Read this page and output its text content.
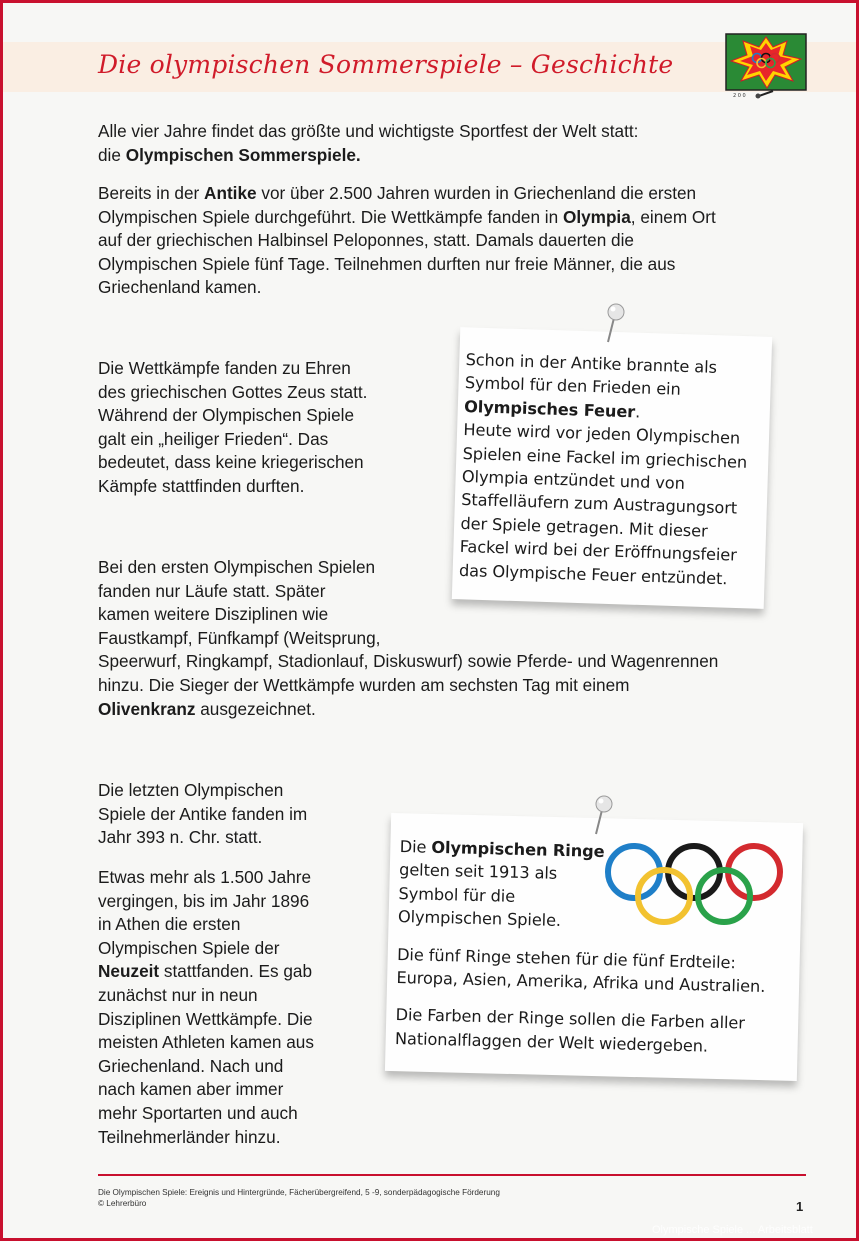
Die olympischen Sommerspiele – Geschichte
2 0 0
Alle vier Jahre findet das größte und wichtigste Sportfest der Welt statt:
die Olympischen Sommerspiele.
Bereits in der Antike vor über 2.500 Jahren wurden in Griechenland die ersten
Olympischen Spiele durchgeführt. Die Wettkämpfe fanden in Olympia, einem Ort
auf der griechischen Halbinsel Peloponnes, statt. Damals dauerten die
Olympischen Spiele fünf Tage. Teilnehmen durften nur freie Männer, die aus
Griechenland kamen.
Die Wettkämpfe fanden zu Ehren
des griechischen Gottes Zeus statt.
Während der Olympischen Spiele
galt ein „heiliger Frieden“. Das
bedeutet, dass keine kriegerischen
Kämpfe stattfinden durften.
Schon in der Antike brannte als
Symbol für den Frieden ein
Olympisches Feuer.
Heute wird vor jeden Olympischen
Spielen eine Fackel im griechischen
Olympia entzündet und von
Staffelläufern zum Austragungsort
der Spiele getragen. Mit dieser
Fackel wird bei der Eröffnungsfeier
das Olympische Feuer entzündet.
Bei den ersten Olympischen Spielen
fanden nur Läufe statt. Später
kamen weitere Disziplinen wie
Faustkampf, Fünfkampf (Weitsprung,
Speerwurf, Ringkampf, Stadionlauf, Diskuswurf) sowie Pferde- und Wagenrennen
hinzu. Die Sieger der Wettkämpfe wurden am sechsten Tag mit einem
Olivenkranz ausgezeichnet.
Die letzten Olympischen
Spiele der Antike fanden im
Jahr 393 n. Chr. statt.
Etwas mehr als 1.500 Jahre
vergingen, bis im Jahr 1896
in Athen die ersten
Olympischen Spiele der
Neuzeit stattfanden. Es gab
zunächst nur in neun
Disziplinen Wettkämpfe. Die
meisten Athleten kamen aus
Griechenland. Nach und
nach kamen aber immer
mehr Sportarten und auch
Teilnehmerländer hinzu.
Die Olympischen Ringe
gelten seit 1913 als
Symbol für die
Olympischen Spiele.
Die fünf Ringe stehen für die fünf Erdteile:
Europa, Asien, Amerika, Afrika und Australien.
Die Farben der Ringe sollen die Farben aller
Nationalflaggen der Welt wiedergeben.
Die Olympischen Spiele: Ereignis und Hintergründe, Fächerübergreifend, 5 -9, sonderpädagogische Förderung
© Lehrerbüro	1
Olympische Spiele ... Arbeitsblatt
